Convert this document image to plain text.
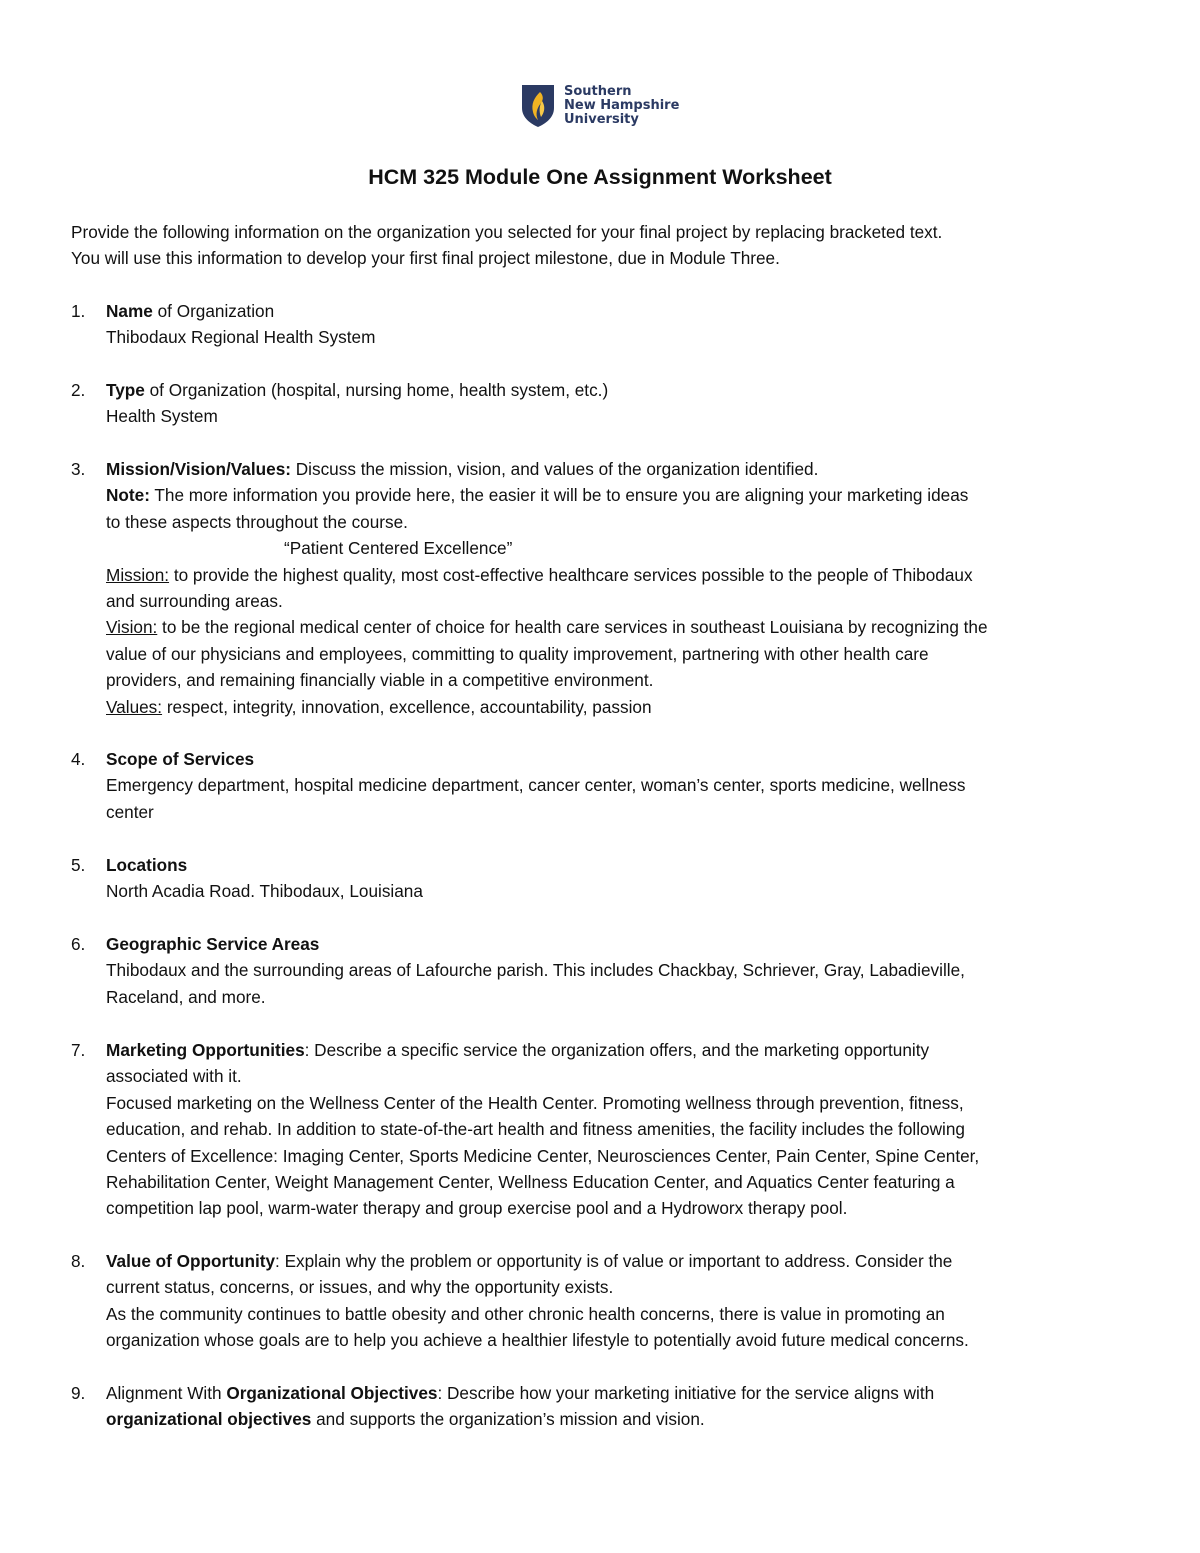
Southern
New Hampshire
University
HCM 325 Module One Assignment Worksheet
Provide the following information on the organization you selected for your final project by replacing bracketed text.
You will use this information to develop your first final project milestone, due in Module Three.
1.	Name of Organization
Thibodaux Regional Health System
2.	Type of Organization (hospital, nursing home, health system, etc.)
Health System
3.	Mission/Vision/Values: Discuss the mission, vision, and values of the organization identified.
Note: The more information you provide here, the easier it will be to ensure you are aligning your marketing ideas
to these aspects throughout the course.
“Patient Centered Excellence”
Mission: to provide the highest quality, most cost-effective healthcare services possible to the people of Thibodaux
and surrounding areas.
Vision: to be the regional medical center of choice for health care services in southeast Louisiana by recognizing the
value of our physicians and employees, committing to quality improvement, partnering with other health care
providers, and remaining financially viable in a competitive environment.
Values: respect, integrity, innovation, excellence, accountability, passion
4.	Scope of Services
Emergency department, hospital medicine department, cancer center, woman’s center, sports medicine, wellness
center
5.	Locations
North Acadia Road. Thibodaux, Louisiana
6.	Geographic Service Areas
Thibodaux and the surrounding areas of Lafourche parish. This includes Chackbay, Schriever, Gray, Labadieville,
Raceland, and more.
7.	Marketing Opportunities: Describe a specific service the organization offers, and the marketing opportunity
associated with it.
Focused marketing on the Wellness Center of the Health Center. Promoting wellness through prevention, fitness,
education, and rehab. In addition to state-of-the-art health and fitness amenities, the facility includes the following
Centers of Excellence: Imaging Center, Sports Medicine Center, Neurosciences Center, Pain Center, Spine Center,
Rehabilitation Center, Weight Management Center, Wellness Education Center, and Aquatics Center featuring a
competition lap pool, warm-water therapy and group exercise pool and a Hydroworx therapy pool.
8.	Value of Opportunity: Explain why the problem or opportunity is of value or important to address. Consider the
current status, concerns, or issues, and why the opportunity exists.
As the community continues to battle obesity and other chronic health concerns, there is value in promoting an
organization whose goals are to help you achieve a healthier lifestyle to potentially avoid future medical concerns.
9.	Alignment With Organizational Objectives: Describe how your marketing initiative for the service aligns with
organizational objectives and supports the organization’s mission and vision.
